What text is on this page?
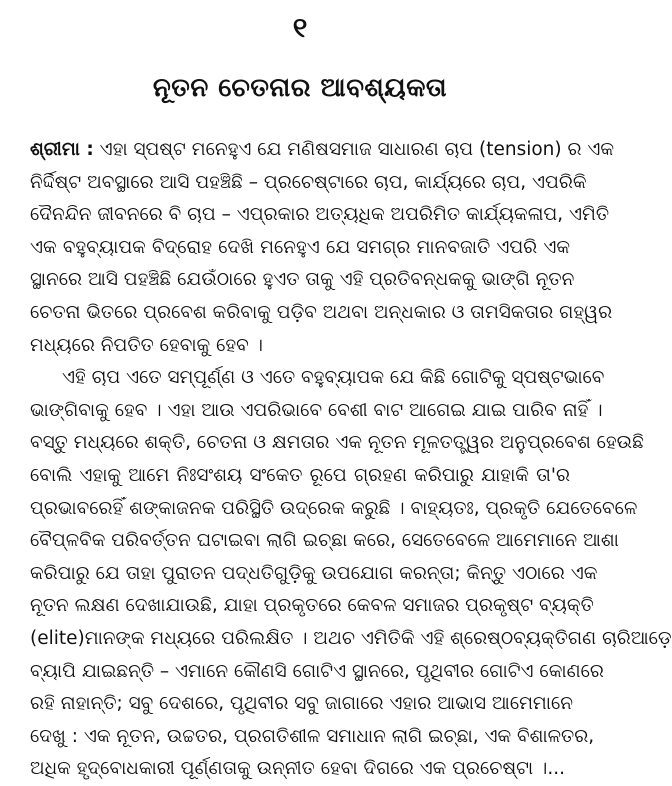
୧
ନୂତନ ଚେତନାର ଆବଶ୍ୟକତା

ଶ୍ରୀମା : ଏହା ସ୍ପଷ୍ଟ ମନେହୁଏ ଯେ ମଣିଷସମାଜ ସାଧାରଣ ଚାପ (tension) ର ଏକ
ନିର୍ଦ୍ଦିଷ୍ଟ ଅବସ୍ଥାରେ ଆସି ପହଞ୍ଚିଛି – ପ୍ରଚେଷ୍ଟାରେ ଚାପ, କାର୍ଯ୍ୟରେ ଚାପ, ଏପରିକି
ଦୈନନ୍ଦିନ ଜୀବନରେ ବି ଚାପ – ଏପ୍ରକାର ଅତ୍ୟଧିକ ଅପରିମିତ କାର୍ଯ୍ୟକଳାପ, ଏମିତି
ଏକ ବହୁବ୍ୟାପକ ବିଦ୍ରୋହ ଦେଖି ମନେହୁଏ ଯେ ସମଗ୍ର ମାନବଜାତି ଏପରି ଏକ
ସ୍ଥାନରେ ଆସି ପହଞ୍ଚିଛି ଯେଉଁଠାରେ ହୁଏତ ତାକୁ ଏହି ପ୍ରତିବନ୍ଧକକୁ ଭାଙ୍ଗି ନୂତନ
ଚେତନା ଭିତରେ ପ୍ରବେଶ କରିବାକୁ ପଡ଼ିବ ଅଥବା ଅନ୍ଧକାର ଓ ତାମସିକତାର ଗହ୍ୱର
ମଧ୍ୟରେ ନିପତିତ ହେବାକୁ ହେବ ।

ଏହି ଚାପ ଏତେ ସମ୍ପୂର୍ଣ୍ଣ ଓ ଏତେ ବହୁବ୍ୟାପକ ଯେ କିଛି ଗୋଟିକୁ ସ୍ପଷ୍ଟଭାବେ
ଭାଙ୍ଗିବାକୁ ହେବ । ଏହା ଆଉ ଏପରିଭାବେ ବେଶୀ ବାଟ ଆଗେଇ ଯାଇ ପାରିବ ନାହିଁ ।
ବସ୍ତୁ ମଧ୍ୟରେ ଶକ୍ତି, ଚେତନା ଓ କ୍ଷମତାର ଏକ ନୂତନ ମୂଳତତ୍ତ୍ୱର ଅନୁପ୍ରବେଶ ହେଉଛି
ବୋଲି ଏହାକୁ ଆମେ ନିଃସଂଶୟ ସଂକେତ ରୂପେ ଗ୍ରହଣ କରିପାରୁ ଯାହାକି ତା'ର
ପ୍ରଭାବରେହିଁ ଶଙ୍କାଜନକ ପରିସ୍ଥିତି ଉଦ୍ରେକ କରୁଛି । ବାହ୍ୟତଃ, ପ୍ରକୃତି ଯେତେବେଳେ
ବୈପ୍ଳବିକ ପରିବର୍ତ୍ତନ ଘଟାଇବା ଲାଗି ଇଚ୍ଛା କରେ, ସେତେବେଳେ ଆମେମାନେ ଆଶା
କରିପାରୁ ଯେ ତାହା ପୁରାତନ ପଦ୍ଧତିଗୁଡ଼ିକୁ ଉପଯୋଗ କରନ୍ତା; କିନ୍ତୁ ଏଠାରେ ଏକ
ନୂତନ ଲକ୍ଷଣ ଦେଖାଯାଉଛି, ଯାହା ପ୍ରକୃତରେ କେବଳ ସମାଜର ପ୍ରକୃଷ୍ଟ ବ୍ୟକ୍ତି
(elite)ମାନଙ୍କ ମଧ୍ୟରେ ପରିଲକ୍ଷିତ । ଅଥଚ ଏମିତିକି ଏହି ଶ୍ରେଷ୍ଠବ୍ୟକ୍ତିଗଣ ଚାରିଆଡ଼େ
ବ୍ୟାପି ଯାଇଛନ୍ତି – ଏମାନେ କୌଣସି ଗୋଟିଏ ସ୍ଥାନରେ, ପୃଥିବୀର ଗୋଟିଏ କୋଣରେ
ରହି ନାହାନ୍ତି; ସବୁ ଦେଶରେ, ପୃଥିବୀର ସବୁ ଜାଗାରେ ଏହାର ଆଭାସ ଆମେମାନେ
ଦେଖୁ : ଏକ ନୂତନ, ଉଚ୍ଚତର, ପ୍ରଗତିଶୀଳ ସମାଧାନ ଲାଗି ଇଚ୍ଛା, ଏକ ବିଶାଳତର,
ଅଧିକ ହୃଦ୍‌ବୋଧକାରୀ ପୂର୍ଣ୍ଣତାକୁ ଉନ୍ନୀତ ହେବା ଦିଗରେ ଏକ ପ୍ରଚେଷ୍ଟା ।...
